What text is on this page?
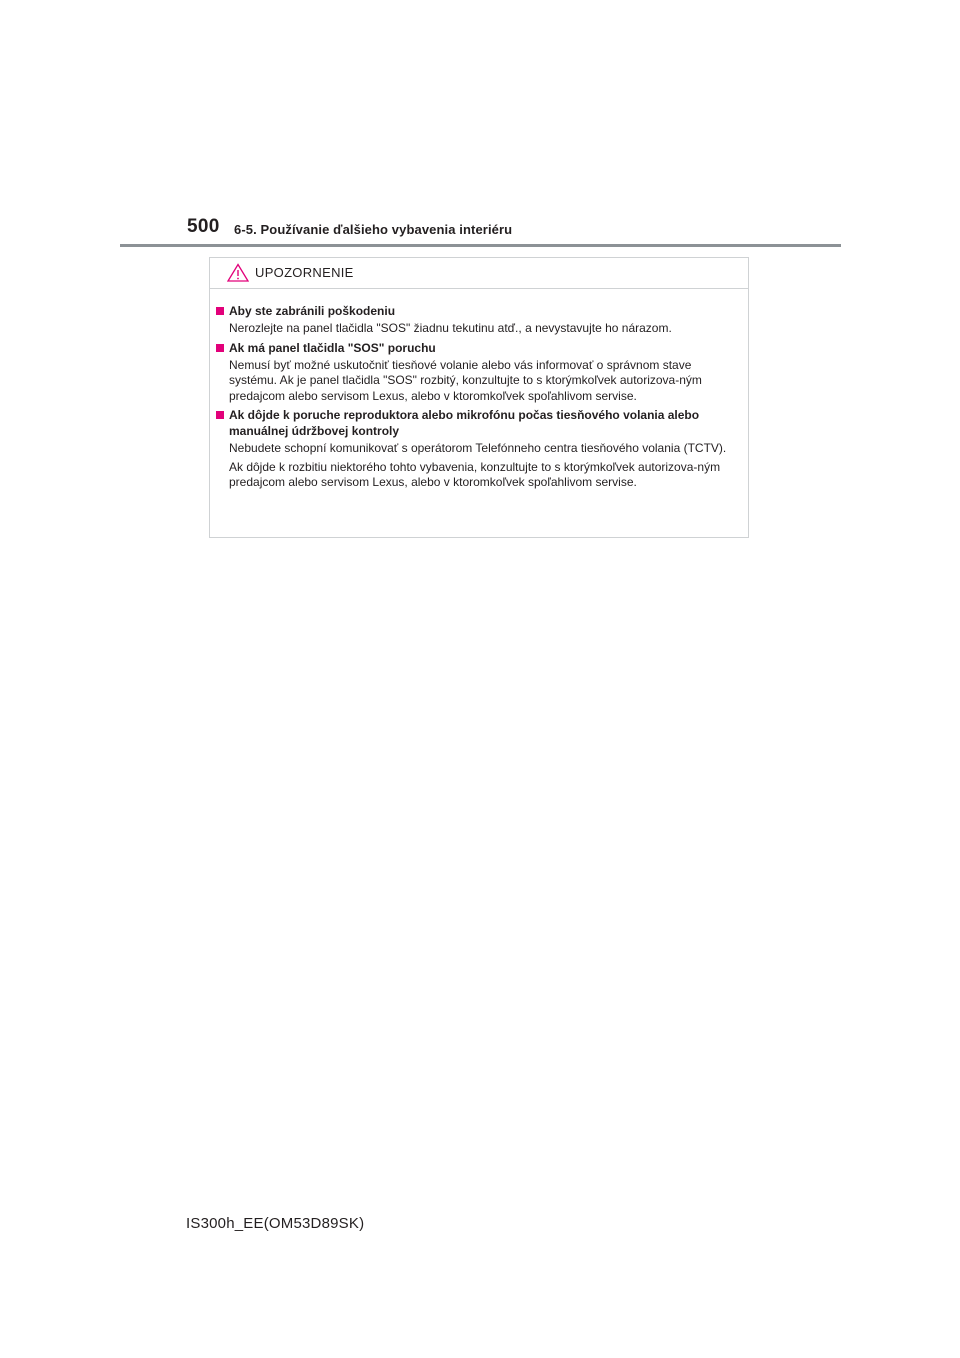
500 6-5. Používanie ďalšieho vybavenia interiéru
UPOZORNENIE
Aby ste zabránili poškodeniu
Nerozlejte na panel tlačidla "SOS" žiadnu tekutinu atď., a nevystavujte ho nárazom.
Ak má panel tlačidla "SOS" poruchu
Nemusí byť možné uskutočniť tiesňové volanie alebo vás informovať o správnom stave systému. Ak je panel tlačidla "SOS" rozbitý, konzultujte to s ktorýmkoľvek autorizova-ným predajcom alebo servisom Lexus, alebo v ktoromkoľvek spoľahlivom servise.
Ak dôjde k poruche reproduktora alebo mikrofónu počas tiesňového volania alebo manuálnej údržbovej kontroly
Nebudete schopní komunikovať s operátorom Telefónneho centra tiesňového volania (TCTV).
Ak dôjde k rozbitiu niektorého tohto vybavenia, konzultujte to s ktorýmkoľvek autorizova-ným predajcom alebo servisom Lexus, alebo v ktoromkoľvek spoľahlivom servise.
IS300h_EE(OM53D89SK)
